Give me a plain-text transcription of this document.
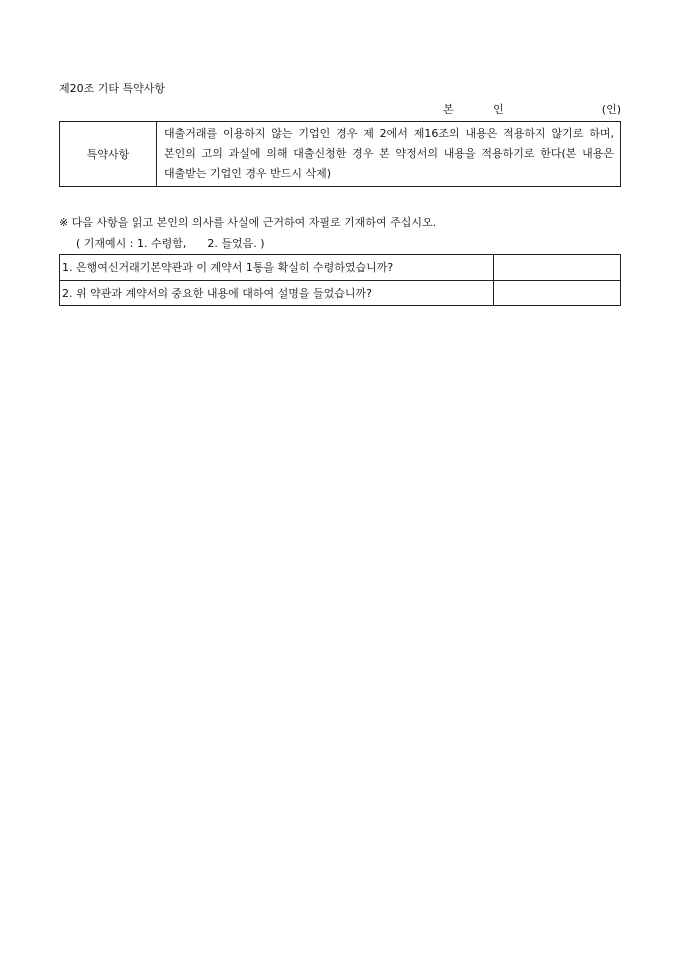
제20조 기타 특약사항
본 인	(인)
특약사항	대출거래를 이용하지 않는 기업인 경우 제 2에서 제16조의 내용은 적용하지 않기로 하며, 본인의 고의 과실에 의해 대출신청한 경우 본 약정서의 내용을 적용하기로 한다(본 내용은 대출받는 기업인 경우 반드시 삭제)
※ 다음 사항을 읽고 본인의 의사를 사실에 근거하여 자필로 기재하여 주십시오.
( 기재예시 : 1. 수령함,      2. 들었음. )
1. 은행여신거래기본약관과 이 계약서 1통을 확실히 수령하였습니까?	
2. 위 약관과 계약서의 중요한 내용에 대하여 설명을 들었습니까?	
